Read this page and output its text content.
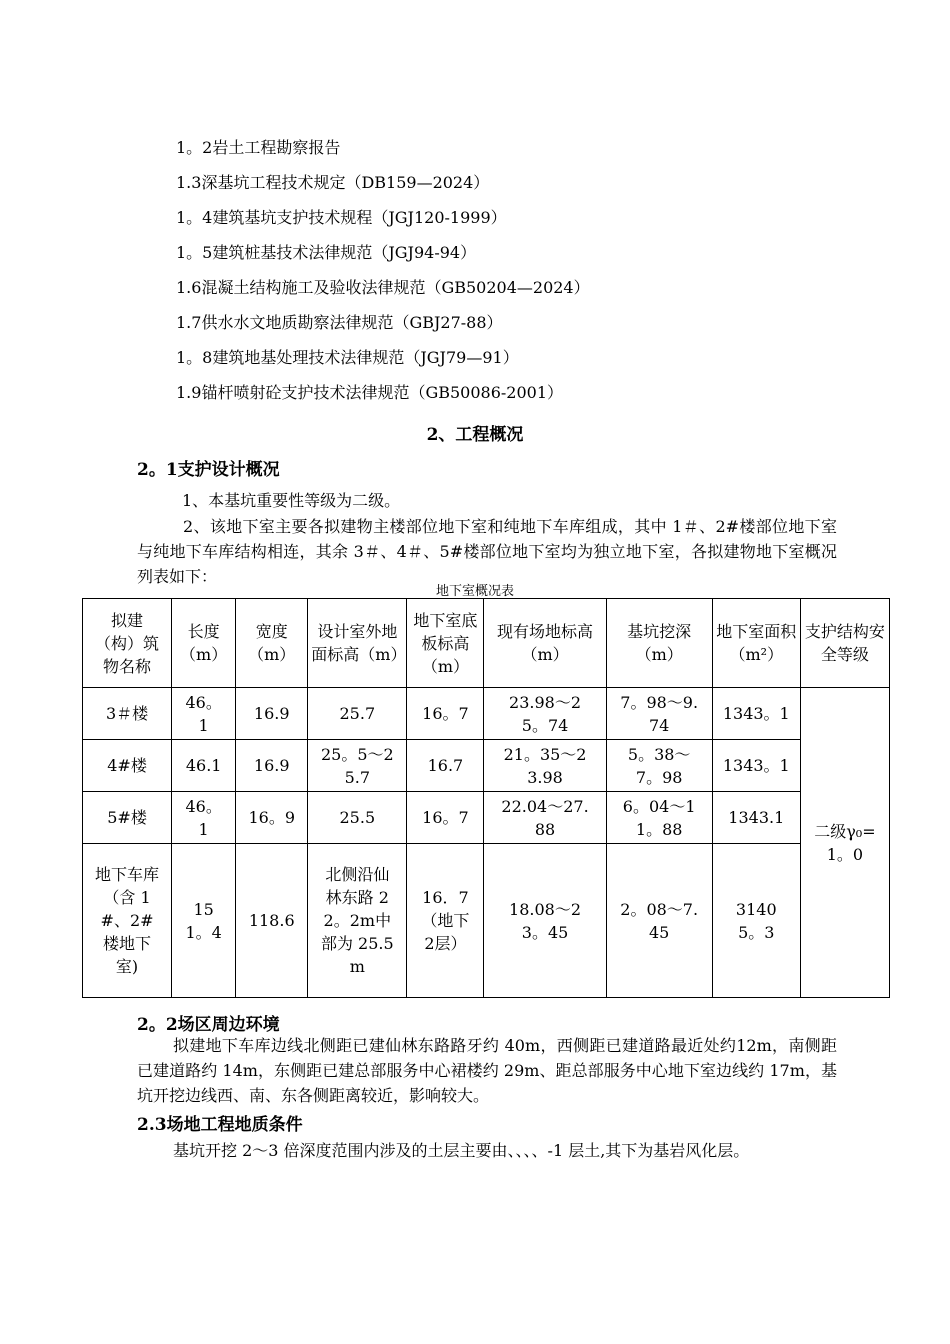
1。2岩土工程勘察报告
1.3深基坑工程技术规定（DB159—2024）
1。4建筑基坑支护技术规程（JGJ120-1999）
1。5建筑桩基技术法律规范（JGJ94-94）
1.6混凝土结构施工及验收法律规范（GB50204—2024）
1.7供水水文地质勘察法律规范（GBJ27-88）
1。8建筑地基处理技术法律规范（JGJ79—91）
1.9锚杆喷射砼支护技术法律规范（GB50086-2001）
2、工程概况
2。1支护设计概况
1、本基坑重要性等级为二级。
2、该地下室主要各拟建物主楼部位地下室和纯地下车库组成，其中 1＃、2#楼部位地下室与纯地下车库结构相连，其余 3＃、4＃、5#楼部位地下室均为独立地下室，各拟建物地下室概况列表如下：
地下室概况表
拟建（构）筑物名称	长度（m）	宽度（m）	设计室外地面标高（m）	地下室底板标高（m）	现有场地标高（m）	基坑挖深（m）	地下室面积（m²）	支护结构安全等级
3＃楼	46。1	16.9	25.7	16。7	23.98～25。74	7。98～9.74	1343。1	二级γ₀=1。0
4#楼	46.1	16.9	25。5～25.7	16.7	21。35～23.98	5。38～7。98	1343。1	
5#楼	46。1	16。9	25.5	16。7	22.04～27.88	6。04～11。88	1343.1	
地下车库（含 1#、2#楼地下室)	151。4	118.6	北侧沿仙林东路 22。2m中部为 25.5m	16．7（地下 2层）	18.08～23。45	2。08～7.45	31405。3	
2。2场区周边环境
拟建地下车库边线北侧距已建仙林东路路牙约 40m，西侧距已建道路最近处约12m，南侧距已建道路约 14m，东侧距已建总部服务中心裙楼约 29m、距总部服务中心地下室边线约 17m，基坑开挖边线西、南、东各侧距离较近，影响较大。
2.3场地工程地质条件
基坑开挖 2～3 倍深度范围内涉及的土层主要由、、、、-1 层土,其下为基岩风化层。
